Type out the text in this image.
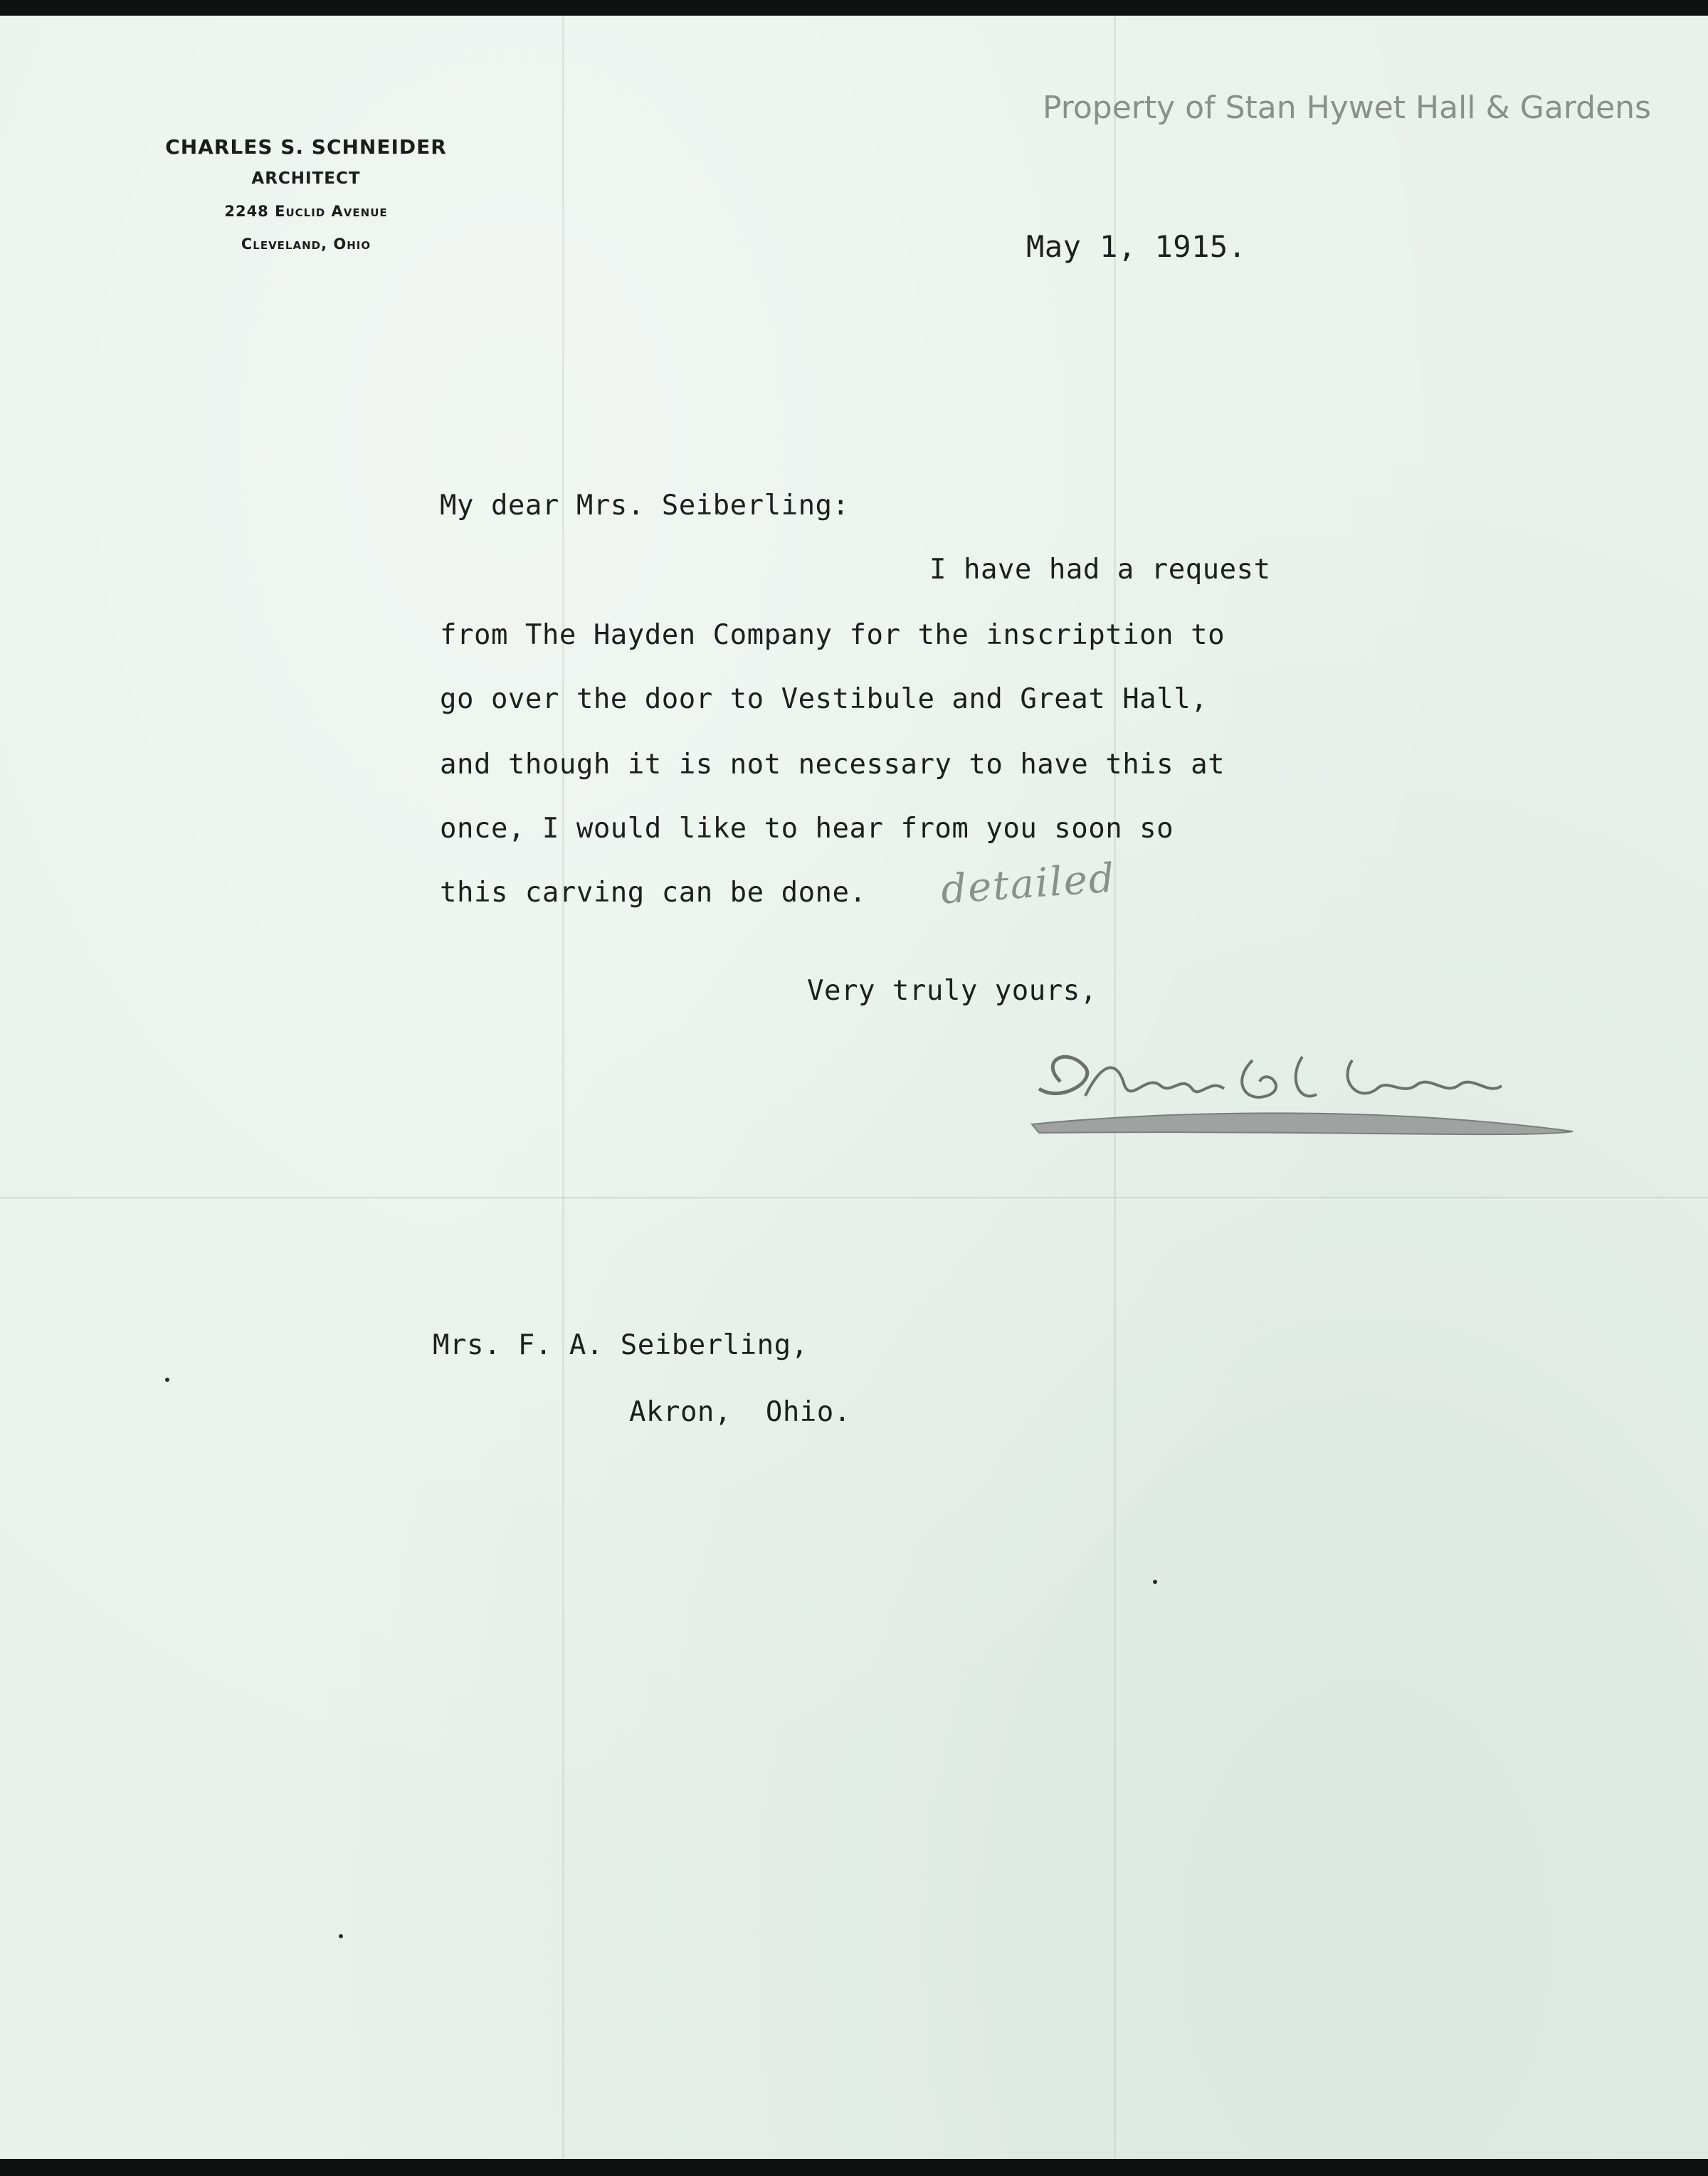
Property of Stan Hywet Hall & Gardens
CHARLES S. SCHNEIDER
ARCHITECT
2248 Euclid Avenue
Cleveland, Ohio	May 1, 1915.
My dear Mrs. Seiberling:
I have had a request
from The Hayden Company for the inscription to
go over the door to Vestibule and Great Hall,
and though it is not necessary to have this at
once, I would like to hear from you soon so
this carving can be done. detailed
Very truly yours,
Mrs. F. A. Seiberling,
Akron,  Ohio.
